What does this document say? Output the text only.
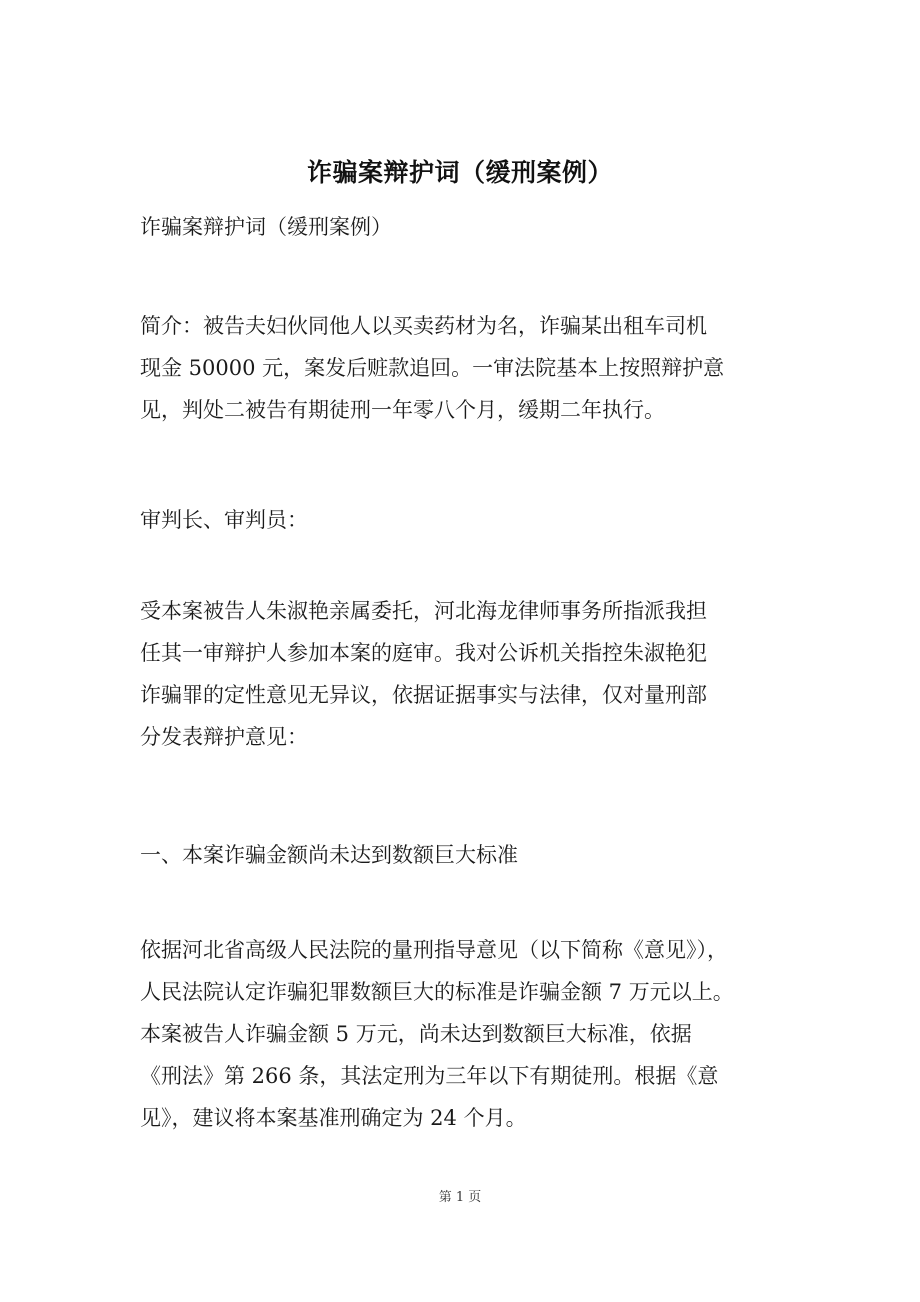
诈骗案辩护词（缓刑案例）

诈骗案辩护词（缓刑案例）

简介：被告夫妇伙同他人以买卖药材为名，诈骗某出租车司机
现金 50000 元，案发后赃款追回。一审法院基本上按照辩护意
见，判处二被告有期徒刑一年零八个月，缓期二年执行。

审判长、审判员：

受本案被告人朱淑艳亲属委托，河北海龙律师事务所指派我担
任其一审辩护人参加本案的庭审。我对公诉机关指控朱淑艳犯
诈骗罪的定性意见无异议，依据证据事实与法律，仅对量刑部
分发表辩护意见：

一、本案诈骗金额尚未达到数额巨大标准

依据河北省高级人民法院的量刑指导意见（以下简称《意见》），
人民法院认定诈骗犯罪数额巨大的标准是诈骗金额 7 万元以上。
本案被告人诈骗金额 5 万元，尚未达到数额巨大标准，依据
《刑法》第 266 条，其法定刑为三年以下有期徒刑。根据《意
见》，建议将本案基准刑确定为 24 个月。

第 1 页
